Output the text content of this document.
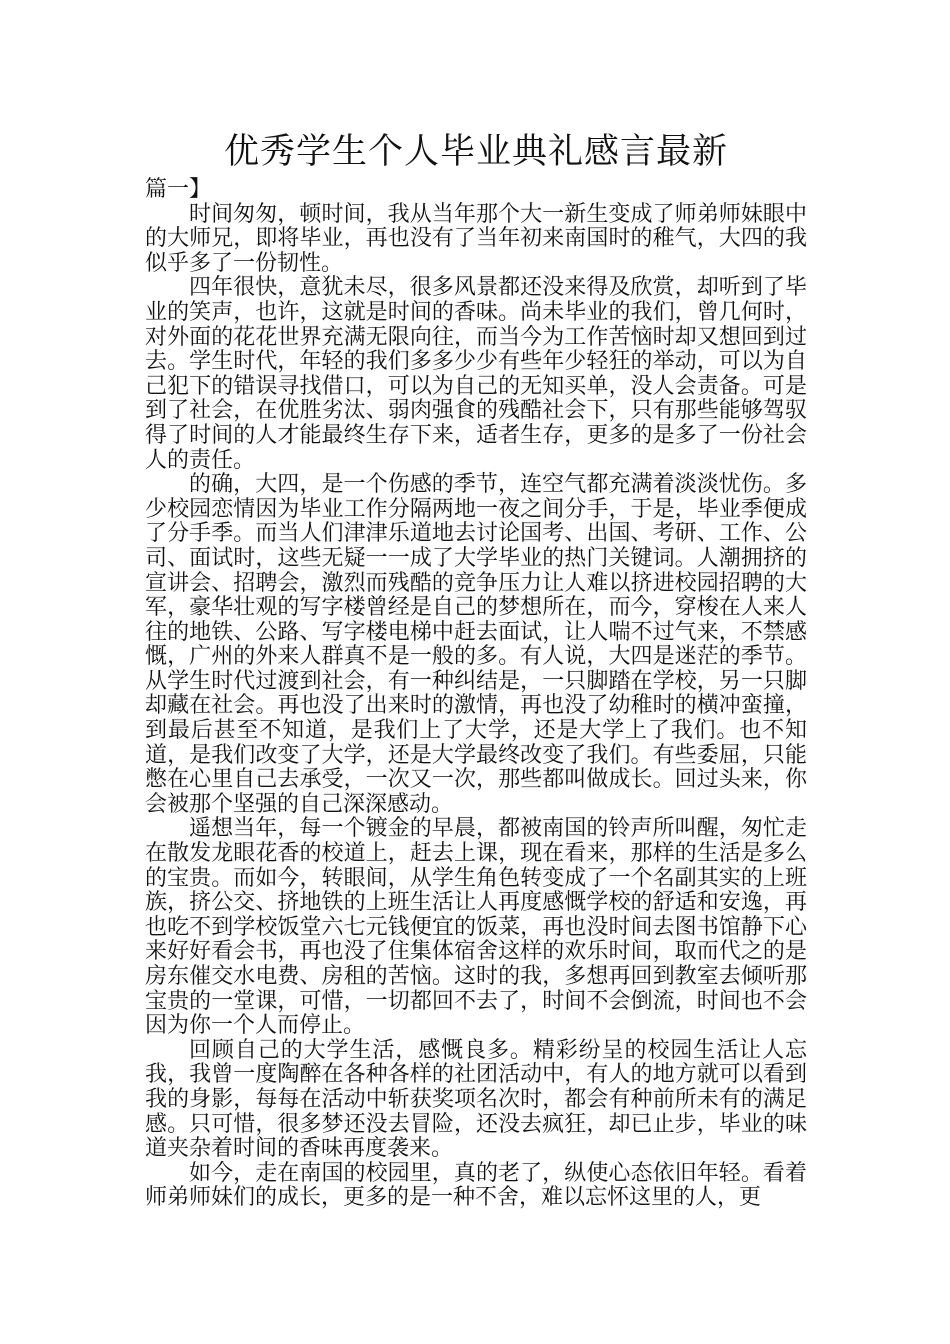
优秀学生个人毕业典礼感言最新
篇一】

时间匆匆，顿时间，我从当年那个大一新生变成了师弟师妹眼中的大师兄，即将毕业，再也没有了当年初来南国时的稚气，大四的我似乎多了一份韧性。

四年很快，意犹未尽，很多风景都还没来得及欣赏，却听到了毕业的笑声，也许，这就是时间的香味。尚未毕业的我们，曾几何时，对外面的花花世界充满无限向往，而当今为工作苦恼时却又想回到过去。学生时代，年轻的我们多多少少有些年少轻狂的举动，可以为自己犯下的错误寻找借口，可以为自己的无知买单，没人会责备。可是到了社会，在优胜劣汰、弱肉强食的残酷社会下，只有那些能够驾驭得了时间的人才能最终生存下来，适者生存，更多的是多了一份社会人的责任。

的确，大四，是一个伤感的季节，连空气都充满着淡淡忧伤。多少校园恋情因为毕业工作分隔两地一夜之间分手，于是，毕业季便成了分手季。而当人们津津乐道地去讨论国考、出国、考研、工作、公司、面试时，这些无疑一一成了大学毕业的热门关键词。人潮拥挤的宣讲会、招聘会，激烈而残酷的竞争压力让人难以挤进校园招聘的大军，豪华壮观的写字楼曾经是自己的梦想所在，而今，穿梭在人来人往的地铁、公路、写字楼电梯中赶去面试，让人喘不过气来，不禁感慨，广州的外来人群真不是一般的多。有人说，大四是迷茫的季节。从学生时代过渡到社会，有一种纠结是，一只脚踏在学校，另一只脚却藏在社会。再也没了出来时的激情，再也没了幼稚时的横冲蛮撞，到最后甚至不知道，是我们上了大学，还是大学上了我们。也不知道，是我们改变了大学，还是大学最终改变了我们。有些委屈，只能憋在心里自己去承受，一次又一次，那些都叫做成长。回过头来，你会被那个坚强的自己深深感动。

遥想当年，每一个镀金的早晨，都被南国的铃声所叫醒，匆忙走在散发龙眼花香的校道上，赶去上课，现在看来，那样的生活是多么的宝贵。而如今，转眼间，从学生角色转变成了一个名副其实的上班族，挤公交、挤地铁的上班生活让人再度感慨学校的舒适和安逸，再也吃不到学校饭堂六七元钱便宜的饭菜，再也没时间去图书馆静下心来好好看会书，再也没了住集体宿舍这样的欢乐时间，取而代之的是房东催交水电费、房租的苦恼。这时的我，多想再回到教室去倾听那宝贵的一堂课，可惜，一切都回不去了，时间不会倒流，时间也不会因为你一个人而停止。

回顾自己的大学生活，感慨良多。精彩纷呈的校园生活让人忘我，我曾一度陶醉在各种各样的社团活动中，有人的地方就可以看到我的身影，每每在活动中斩获奖项名次时，都会有种前所未有的满足感。只可惜，很多梦还没去冒险，还没去疯狂，却已止步，毕业的味道夹杂着时间的香味再度袭来。

如今，走在南国的校园里，真的老了，纵使心态依旧年轻。看着师弟师妹们的成长，更多的是一种不舍，难以忘怀这里的人，更
